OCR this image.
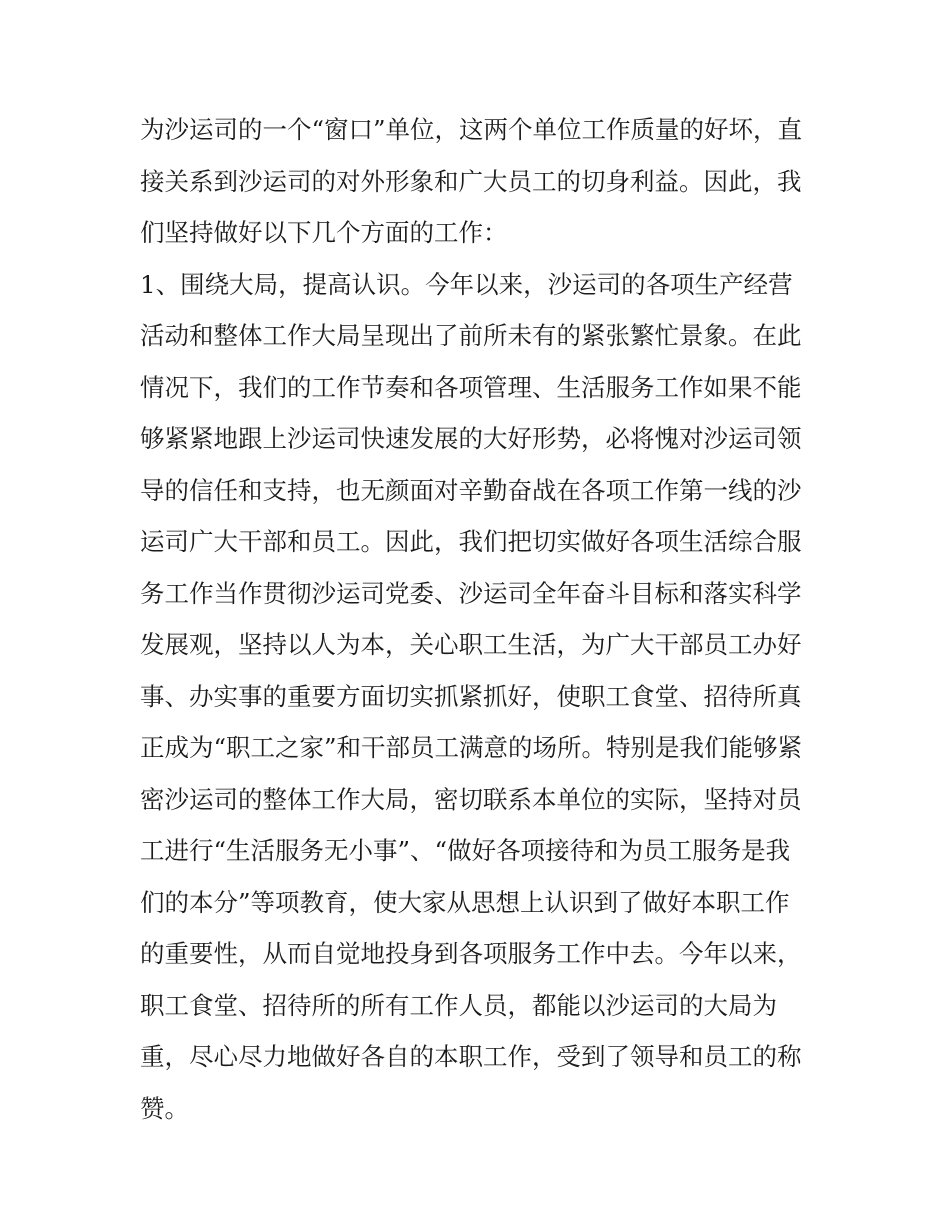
为沙运司的一个“窗口”单位，这两个单位工作质量的好坏，直
接关系到沙运司的对外形象和广大员工的切身利益。因此，我
们坚持做好以下几个方面的工作：
1、围绕大局，提高认识。今年以来，沙运司的各项生产经营
活动和整体工作大局呈现出了前所未有的紧张繁忙景象。在此
情况下，我们的工作节奏和各项管理、生活服务工作如果不能
够紧紧地跟上沙运司快速发展的大好形势，必将愧对沙运司领
导的信任和支持，也无颜面对辛勤奋战在各项工作第一线的沙
运司广大干部和员工。因此，我们把切实做好各项生活综合服
务工作当作贯彻沙运司党委、沙运司全年奋斗目标和落实科学
发展观，坚持以人为本，关心职工生活，为广大干部员工办好
事、办实事的重要方面切实抓紧抓好，使职工食堂、招待所真
正成为“职工之家”和干部员工满意的场所。特别是我们能够紧
密沙运司的整体工作大局，密切联系本单位的实际，坚持对员
工进行“生活服务无小事”、“做好各项接待和为员工服务是我
们的本分”等项教育，使大家从思想上认识到了做好本职工作
的重要性，从而自觉地投身到各项服务工作中去。今年以来，
职工食堂、招待所的所有工作人员，都能以沙运司的大局为
重，尽心尽力地做好各自的本职工作，受到了领导和员工的称
赞。
